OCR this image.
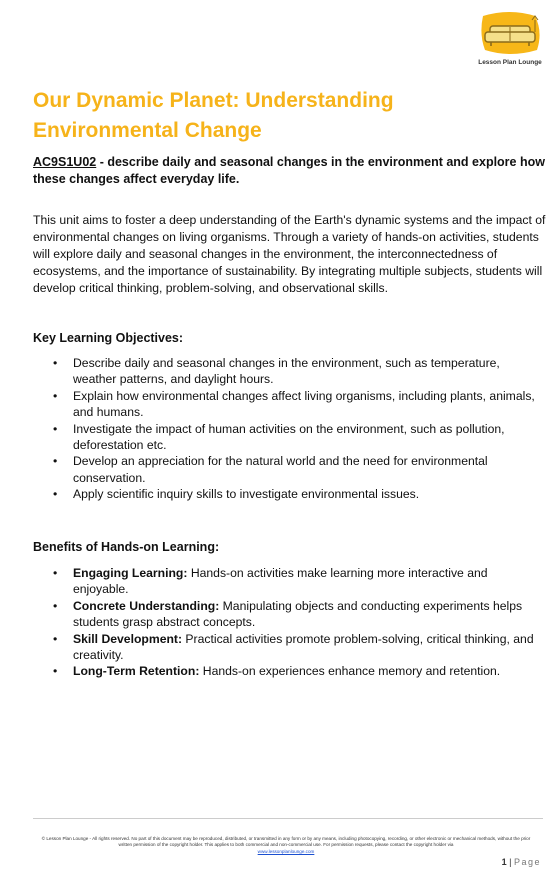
Lesson Plan Lounge
Our Dynamic Planet: Understanding Environmental Change

AC9S1U02 - describe daily and seasonal changes in the environment and explore how these changes affect everyday life.

This unit aims to foster a deep understanding of the Earth's dynamic systems and the impact of environmental changes on living organisms. Through a variety of hands-on activities, students will explore daily and seasonal changes in the environment, the interconnectedness of ecosystems, and the importance of sustainability. By integrating multiple subjects, students will develop critical thinking, problem-solving, and observational skills.

Key Learning Objectives:
• Describe daily and seasonal changes in the environment, such as temperature, weather patterns, and daylight hours.
• Explain how environmental changes affect living organisms, including plants, animals, and humans.
• Investigate the impact of human activities on the environment, such as pollution, deforestation etc.
• Develop an appreciation for the natural world and the need for environmental conservation.
• Apply scientific inquiry skills to investigate environmental issues.
Benefits of Hands-on Learning:
• Engaging Learning: Hands-on activities make learning more interactive and enjoyable.
• Concrete Understanding: Manipulating objects and conducting experiments helps students grasp abstract concepts.
• Skill Development: Practical activities promote problem-solving, critical thinking, and creativity.
• Long-Term Retention: Hands-on experiences enhance memory and retention.

© Lesson Plan Lounge - All rights reserved. No part of this document may be reproduced, distributed, or transmitted in any form or by any means, including photocopying, recording, or other electronic or mechanical methods, without the prior written permission of the copyright holder. This applies to both commercial and non-commercial use. For permission requests, please contact the copyright holder via
www.lessonplanlounge.com

1 | Page
